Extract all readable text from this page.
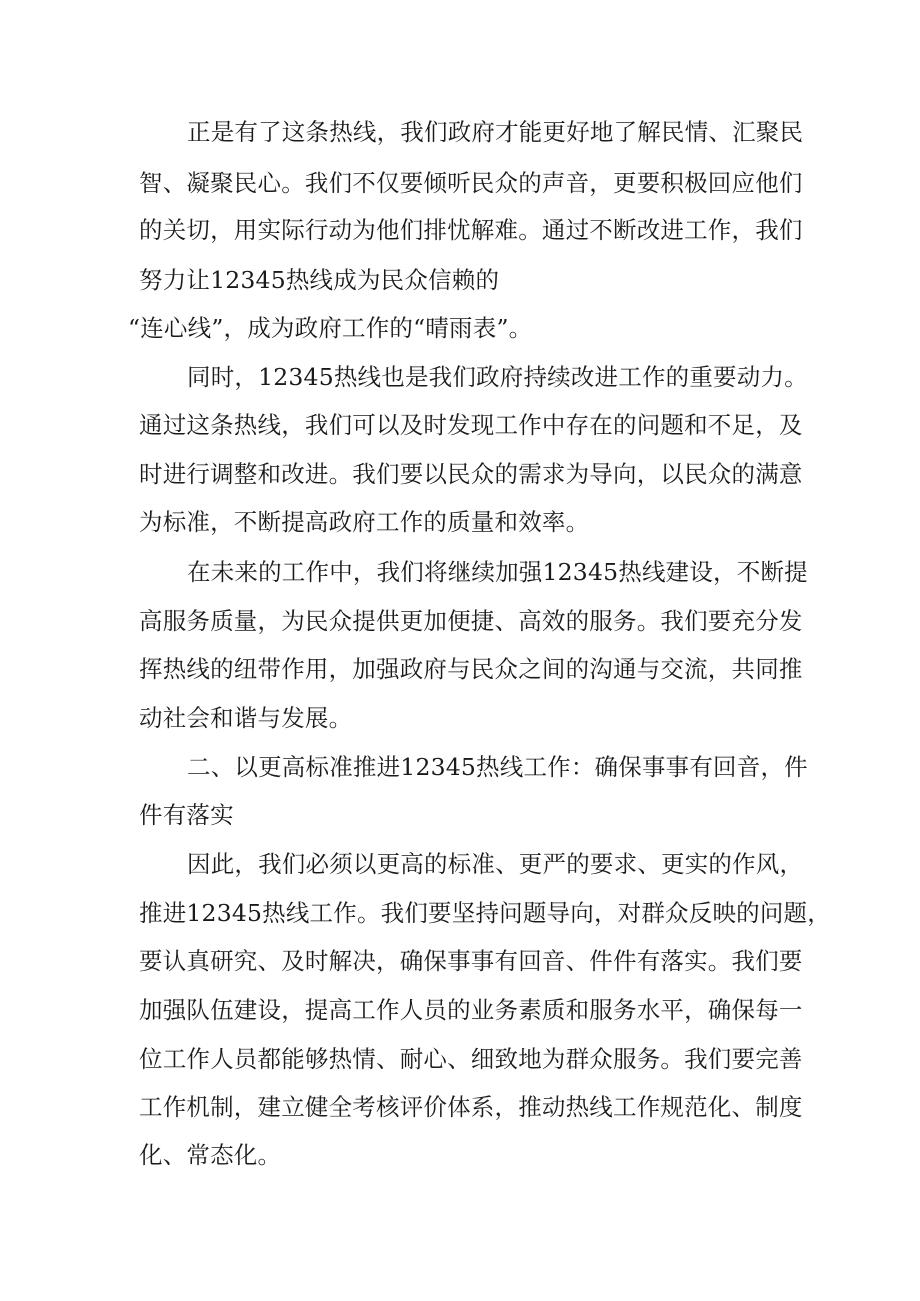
正是有了这条热线，我们政府才能更好地了解民情、汇聚民
智、凝聚民心。我们不仅要倾听民众的声音，更要积极回应他们
的关切，用实际行动为他们排忧解难。通过不断改进工作，我们
努力让12345热线成为民众信赖的
“连心线”，成为政府工作的“晴雨表”。
同时，12345热线也是我们政府持续改进工作的重要动力。
通过这条热线，我们可以及时发现工作中存在的问题和不足，及
时进行调整和改进。我们要以民众的需求为导向，以民众的满意
为标准，不断提高政府工作的质量和效率。
在未来的工作中，我们将继续加强12345热线建设，不断提
高服务质量，为民众提供更加便捷、高效的服务。我们要充分发
挥热线的纽带作用，加强政府与民众之间的沟通与交流，共同推
动社会和谐与发展。
二、以更高标准推进12345热线工作：确保事事有回音，件
件有落实
因此，我们必须以更高的标准、更严的要求、更实的作风，
推进12345热线工作。我们要坚持问题导向，对群众反映的问题，
要认真研究、及时解决，确保事事有回音、件件有落实。我们要
加强队伍建设，提高工作人员的业务素质和服务水平，确保每一
位工作人员都能够热情、耐心、细致地为群众服务。我们要完善
工作机制，建立健全考核评价体系，推动热线工作规范化、制度
化、常态化。
